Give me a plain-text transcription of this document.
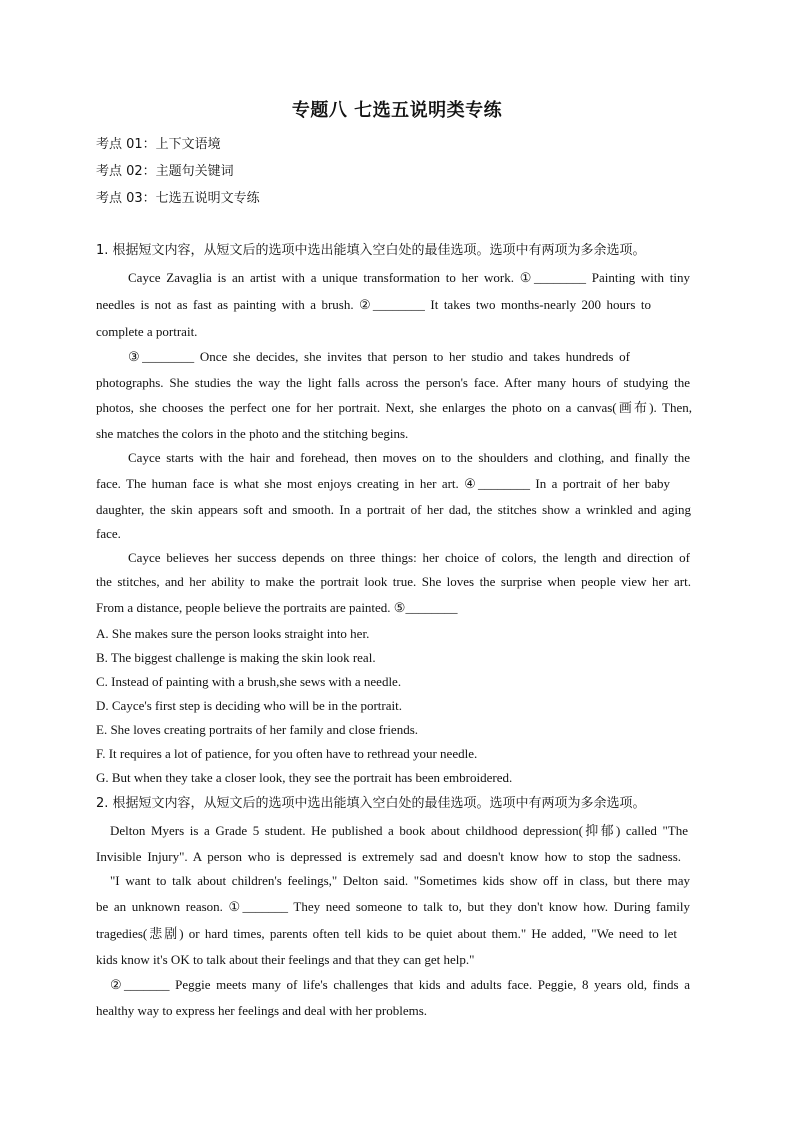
专题八 七选五说明类专练
考点 01：上下文语境
考点 02：主题句关键词
考点 03：七选五说明文专练
1. 根据短文内容，从短文后的选项中选出能填入空白处的最佳选项。选项中有两项为多余选项。
Cayce Zavaglia is an artist with a unique transformation to her work. ①________ Painting with tiny
needles is not as fast as painting with a brush. ②________ It takes two months-nearly 200 hours to
complete a portrait.
③________ Once she decides, she invites that person to her studio and takes hundreds of
photographs. She studies the way the light falls across the person's face. After many hours of studying the
photos, she chooses the perfect one for her portrait. Next, she enlarges the photo on a canvas(画布). Then,
she matches the colors in the photo and the stitching begins.
Cayce starts with the hair and forehead, then moves on to the shoulders and clothing, and finally the
face. The human face is what she most enjoys creating in her art. ④________ In a portrait of her baby
daughter, the skin appears soft and smooth. In a portrait of her dad, the stitches show a wrinkled and aging
face.
Cayce believes her success depends on three things: her choice of colors, the length and direction of
the stitches, and her ability to make the portrait look true. She loves the surprise when people view her art.
From a distance, people believe the portraits are painted. ⑤________
A. She makes sure the person looks straight into her.
B. The biggest challenge is making the skin look real.
C. Instead of painting with a brush,she sews with a needle.
D. Cayce's first step is deciding who will be in the portrait.
E. She loves creating portraits of her family and close friends.
F. It requires a lot of patience, for you often have to rethread your needle.
G. But when they take a closer look, they see the portrait has been embroidered.
2. 根据短文内容，从短文后的选项中选出能填入空白处的最佳选项。选项中有两项为多余选项。
Delton Myers is a Grade 5 student. He published a book about childhood depression(抑郁) called "The
Invisible Injury". A person who is depressed is extremely sad and doesn't know how to stop the sadness.
"I want to talk about children's feelings," Delton said. "Sometimes kids show off in class, but there may
be an unknown reason. ①_______ They need someone to talk to, but they don't know how. During family
tragedies(悲剧) or hard times, parents often tell kids to be quiet about them." He added, "We need to let
kids know it's OK to talk about their feelings and that they can get help."
②_______ Peggie meets many of life's challenges that kids and adults face. Peggie, 8 years old, finds a
healthy way to express her feelings and deal with her problems.
